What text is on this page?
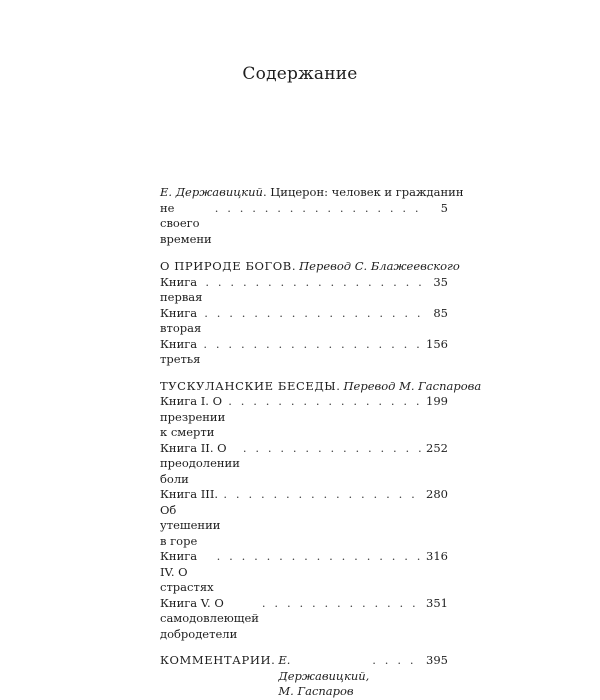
Содержание
Е. Державицкий. Цицерон: человек и гражданин
не своего времени
. . .
5
О ПРИРОДЕ БОГОВ. Перевод С. Блажеевского
Книга первая
. . .
35
Книга вторая
. . .
85
Книга третья
. . .
156
ТУСКУЛАНСКИЕ БЕСЕДЫ. Перевод М. Гаспарова
Книга I. О презрении к смерти
. . .
199
Книга II. О преодолении боли
. . .
252
Книга III. Об утешении в горе
. . .
280
Книга IV. О страстях
. . .
316
Книга V. О самодовлеющей добродетели
. . .
351
КОММЕНТАРИИ . Е. Державицкий, М. Гаспаров
. . .
395
